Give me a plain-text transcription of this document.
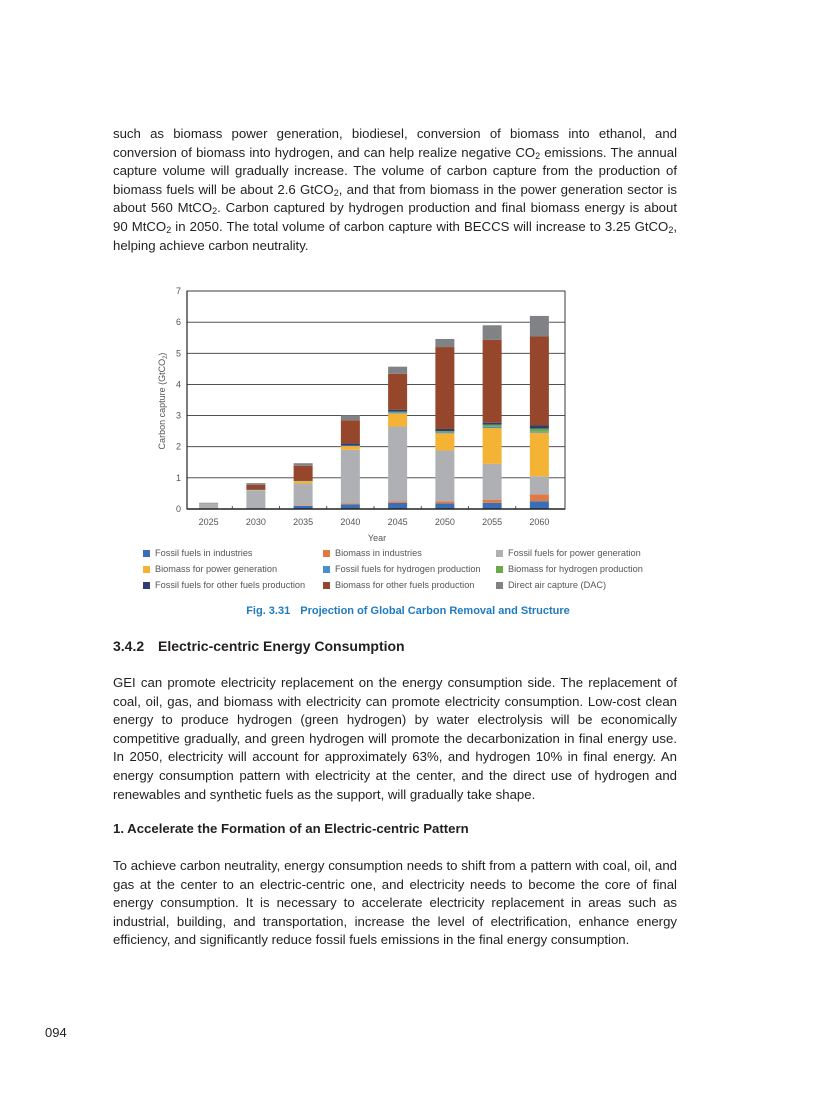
such as biomass power generation, biodiesel, conversion of biomass into ethanol, and conversion of biomass into hydrogen, and can help realize negative $CO_2$ emissions. The annual capture volume will gradually increase. The volume of carbon capture from the production of biomass fuels will be about 2.6 GtCO$_2$, and that from biomass in the power generation sector is about 560 MtCO$_2$. Carbon captured by hydrogen production and final biomass energy is about 90 MtCO$_2$ in 2050. The total volume of carbon capture with BECCS will increase to 3.25 GtCO$_2$, helping achieve carbon neutrality.

0
1
2
3
4
5
6
7
2025	2030	2035	2040	2045	2050	2055	2060
Carbon capture (GtCO$_2$)
Year
Fossil fuels in industries	Biomass in industries	Fossil fuels for power generation
Biomass for power generation	Fossil fuels for hydrogen production	Biomass for hydrogen production
Fossil fuels for other fuels production	Biomass for other fuels production	Direct air capture (DAC)

Fig. 3.31 Projection of Global Carbon Removal and Structure

3.4.2 Electric-centric Energy Consumption

GEI can promote electricity replacement on the energy consumption side. The replacement of coal, oil, gas, and biomass with electricity can promote electricity consumption. Low-cost clean energy to produce hydrogen (green hydrogen) by water electrolysis will be economically competitive gradually, and green hydrogen will promote the decarbonization in final energy use. In 2050, electricity will account for approximately 63%, and hydrogen 10% in final energy. An energy consumption pattern with electricity at the center, and the direct use of hydrogen and renewables and synthetic fuels as the support, will gradually take shape.

1. Accelerate the Formation of an Electric-centric Pattern

To achieve carbon neutrality, energy consumption needs to shift from a pattern with coal, oil, and gas at the center to an electric-centric one, and electricity needs to become the core of final energy consumption. It is necessary to accelerate electricity replacement in areas such as industrial, building, and transportation, increase the level of electrification, enhance energy efficiency, and significantly reduce fossil fuels emissions in the final energy consumption.

094
